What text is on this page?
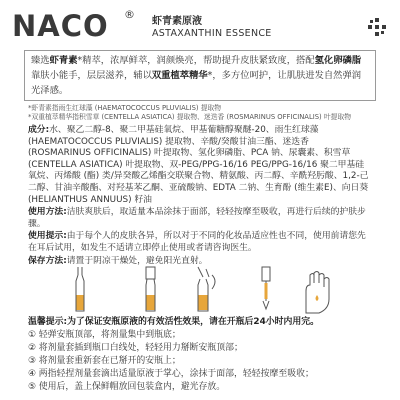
NACO ®
虾青素原液
ASTAXANTHIN ESSENCE
臻选虾青素*精萃，浓厚鲜萃，润颜焕亮，帮助提升皮肤紧致度，搭配氢化卵磷脂靠肤小能手，层层滋养，辅以双重植萃精华*，多方位呵护，让肌肤进发自然弹润光泽感。
*虾青素指雨生红球藻 (HAEMATOCOCCUS PLUVIALIS) 提取物
*双重植萃精华指积雪草 (CENTELLA ASIATICA) 提取物、迷迭香 (ROSMARINUS OFFICINALIS) 叶提取物

成分:水、聚乙二醇-8、聚二甲基硅氧烷、甲基葡糖醇聚醚-20、雨生红球藻 (HAEMATOCOCCUS PLUVIALIS) 提取物、辛酸/癸酸甘油三酯、迷迭香 (ROSMARINUS OFFICINALIS) 叶提取物、氢化卵磷脂、PCA 钠、尿囊素、积雪草 (CENTELLA ASIATICA) 叶提取物、双-PEG/PPG-16/16 PEG/PPG-16/16 聚二甲基硅氧烷、丙烯酸 (酯) 类/异癸酸乙烯酯交联聚合物、精氨酸、丙二醇、辛酰羟肟酸、1,2-己二醇、甘油辛酸酯、对羟基苯乙酮、亚硫酸钠、EDTA 二钠、生育酚 (维生素E)、向日葵 (HELIANTHUS ANNUUS) 籽油

使用方法:洁肤爽肤后，取适量本品涂抹于面部，轻轻按摩至吸收，再进行后续的护肤步骤。

使用提示:由于每个人的皮肤各异，所以对于不同的化妆品适应性也不同，使用前请您先在耳后试用，如发生不适请立即停止使用或者请咨询医生。

保存方法:请置于阴凉干燥处，避免阳光直射。

温馨提示:为了保证安瓶原液的有效活性效果，请在开瓶后24小时内用完。
① 轻弹安瓶顶部，将剂量集中到瓶底；
② 将剂量套插到瓶口白线处，轻轻用力掰断安瓶顶部；
③ 将剂量套重新套在已掰开的安瓶上；
④ 两指轻捏剂量套滴出适量原液于掌心，涂抹于面部，轻轻按摩至吸收；
⑤ 使用后，盖上保鲜帽放回包装盒内，避光存放。
